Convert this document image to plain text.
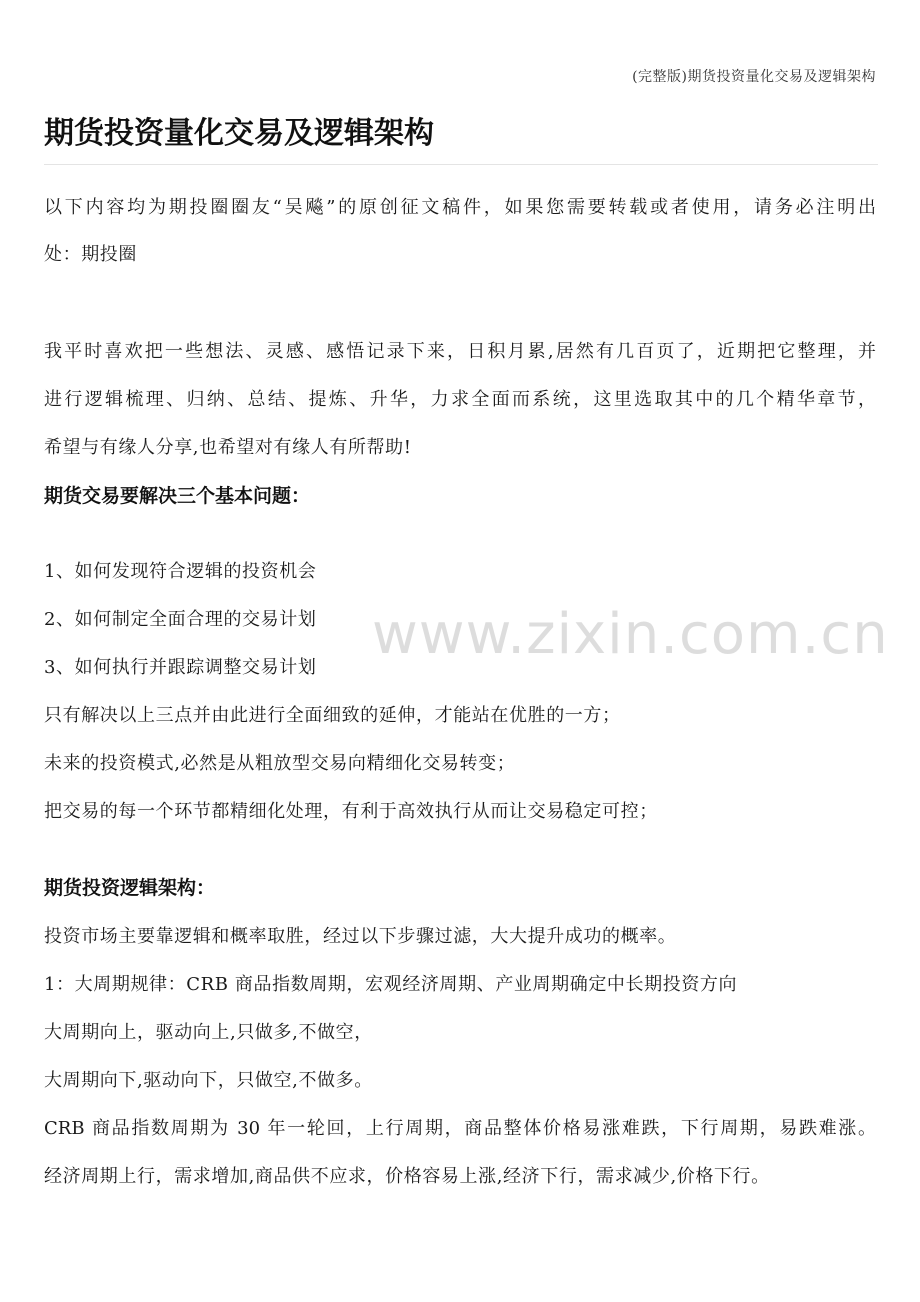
(完整版)期货投资量化交易及逻辑架构
期货投资量化交易及逻辑架构
以下内容均为期投圈圈友“吴飚”的原创征文稿件，如果您需要转载或者使用，请务必注明出
处：期投圈
我平时喜欢把一些想法、灵感、感悟记录下来，日积月累,居然有几百页了，近期把它整理，并
进行逻辑梳理、归纳、总结、提炼、升华，力求全面而系统，这里选取其中的几个精华章节，
希望与有缘人分享,也希望对有缘人有所帮助!
期货交易要解决三个基本问题：
1、如何发现符合逻辑的投资机会
2、如何制定全面合理的交易计划
3、如何执行并跟踪调整交易计划
只有解决以上三点并由此进行全面细致的延伸，才能站在优胜的一方；
未来的投资模式,必然是从粗放型交易向精细化交易转变；
把交易的每一个环节都精细化处理，有利于高效执行从而让交易稳定可控；
期货投资逻辑架构：
投资市场主要靠逻辑和概率取胜，经过以下步骤过滤，大大提升成功的概率。
1：大周期规律：CRB 商品指数周期，宏观经济周期、产业周期确定中长期投资方向
大周期向上，驱动向上,只做多,不做空，
大周期向下,驱动向下，只做空,不做多。
CRB 商品指数周期为 30 年一轮回，上行周期，商品整体价格易涨难跌，下行周期，易跌难涨。
经济周期上行，需求增加,商品供不应求，价格容易上涨,经济下行，需求减少,价格下行。
www.zixin.com.cn
